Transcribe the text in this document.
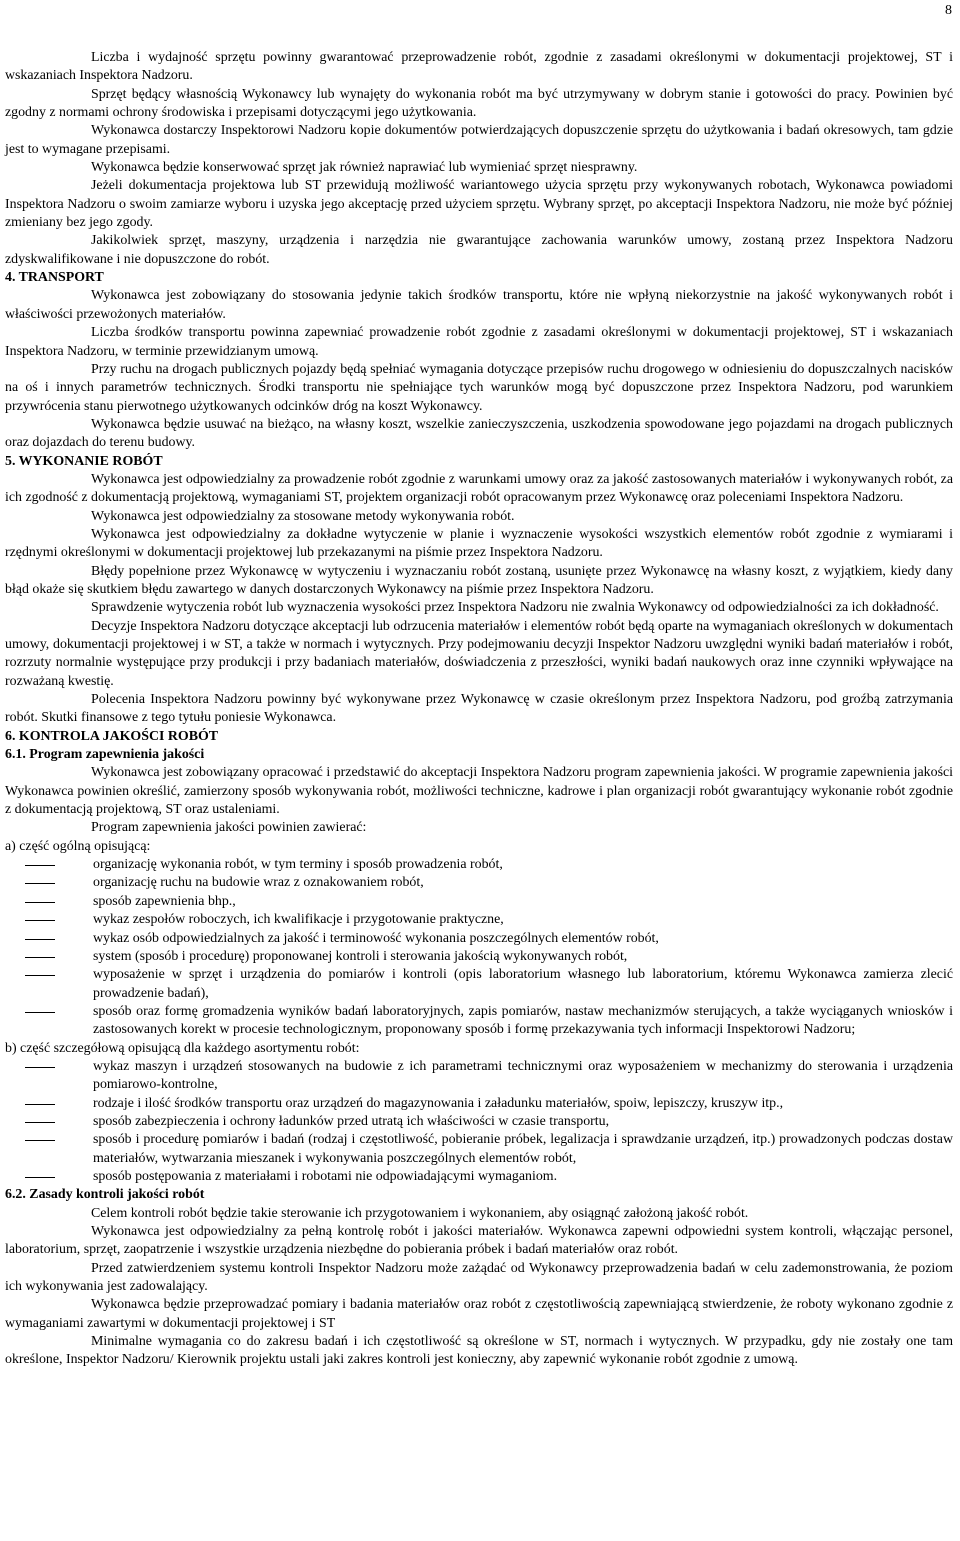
8

Liczba i wydajność sprzętu powinny gwarantować przeprowadzenie robót, zgodnie z zasadami określonymi w dokumentacji projektowej, ST i wskazaniach Inspektora Nadzoru.

Sprzęt będący własnością Wykonawcy lub wynajęty do wykonania robót ma być utrzymywany w dobrym stanie i gotowości do pracy. Powinien być zgodny z normami ochrony środowiska i przepisami dotyczącymi jego użytkowania.

Wykonawca dostarczy Inspektorowi Nadzoru kopie dokumentów potwierdzających dopuszczenie sprzętu do użytkowania i badań okresowych, tam gdzie jest to wymagane przepisami.

Wykonawca będzie konserwować sprzęt jak również naprawiać lub wymieniać sprzęt niesprawny.

Jeżeli dokumentacja projektowa lub ST przewidują możliwość wariantowego użycia sprzętu przy wykonywanych robotach, Wykonawca powiadomi Inspektora Nadzoru o swoim zamiarze wyboru i uzyska jego akceptację przed użyciem sprzętu. Wybrany sprzęt, po akceptacji Inspektora Nadzoru, nie może być później zmieniany bez jego zgody.

Jakikolwiek sprzęt, maszyny, urządzenia i narzędzia nie gwarantujące zachowania warunków umowy, zostaną przez Inspektora Nadzoru zdyskwalifikowane i nie dopuszczone do robót.

4. TRANSPORT

Wykonawca jest zobowiązany do stosowania jedynie takich środków transportu, które nie wpłyną niekorzystnie na jakość wykonywanych robót i właściwości przewożonych materiałów.

Liczba środków transportu powinna zapewniać prowadzenie robót zgodnie z zasadami określonymi w dokumentacji projektowej, ST i wskazaniach Inspektora Nadzoru, w terminie przewidzianym umową.

Przy ruchu na drogach publicznych pojazdy będą spełniać wymagania dotyczące przepisów ruchu drogowego w odniesieniu do dopuszczalnych nacisków na oś i innych parametrów technicznych. Środki transportu nie spełniające tych warunków mogą być dopuszczone przez Inspektora Nadzoru, pod warunkiem przywrócenia stanu pierwotnego użytkowanych odcinków dróg na koszt Wykonawcy.

Wykonawca będzie usuwać na bieżąco, na własny koszt, wszelkie zanieczyszczenia, uszkodzenia spowodowane jego pojazdami na drogach publicznych oraz dojazdach do terenu budowy.

5. WYKONANIE ROBÓT

Wykonawca jest odpowiedzialny za prowadzenie robót zgodnie z warunkami umowy oraz za jakość zastosowanych materiałów i wykonywanych robót, za ich zgodność z dokumentacją projektową, wymaganiami ST, projektem organizacji robót opracowanym przez Wykonawcę oraz poleceniami Inspektora Nadzoru.

Wykonawca jest odpowiedzialny za stosowane metody wykonywania robót.

Wykonawca jest odpowiedzialny za dokładne wytyczenie w planie i wyznaczenie wysokości wszystkich elementów robót zgodnie z wymiarami i rzędnymi określonymi w dokumentacji projektowej lub przekazanymi na piśmie przez Inspektora Nadzoru.

Błędy popełnione przez Wykonawcę w wytyczeniu i wyznaczaniu robót zostaną, usunięte przez Wykonawcę na własny koszt, z wyjątkiem, kiedy dany błąd okaże się skutkiem błędu zawartego w danych dostarczonych Wykonawcy na piśmie przez Inspektora Nadzoru.

Sprawdzenie wytyczenia robót lub wyznaczenia wysokości przez Inspektora Nadzoru nie zwalnia Wykonawcy od odpowiedzialności za ich dokładność.

Decyzje Inspektora Nadzoru dotyczące akceptacji lub odrzucenia materiałów i elementów robót będą oparte na wymaganiach określonych w dokumentach umowy, dokumentacji projektowej i w ST, a także w normach i wytycznych. Przy podejmowaniu decyzji Inspektor Nadzoru uwzględni wyniki badań materiałów i robót, rozrzuty normalnie występujące przy produkcji i przy badaniach materiałów, doświadczenia z przeszłości, wyniki badań naukowych oraz inne czynniki wpływające na rozważaną kwestię.

Polecenia Inspektora Nadzoru powinny być wykonywane przez Wykonawcę w czasie określonym przez Inspektora Nadzoru, pod groźbą zatrzymania robót. Skutki finansowe z tego tytułu poniesie Wykonawca.

6. KONTROLA JAKOŚCI ROBÓT

6.1. Program zapewnienia jakości

Wykonawca jest zobowiązany opracować i przedstawić do akceptacji Inspektora Nadzoru program zapewnienia jakości. W programie zapewnienia jakości Wykonawca powinien określić, zamierzony sposób wykonywania robót, możliwości techniczne, kadrowe i plan organizacji robót gwarantujący wykonanie robót zgodnie z dokumentacją projektową, ST oraz ustaleniami.

Program zapewnienia jakości powinien zawierać:

a) część ogólną opisującą:

organizację wykonania robót, w tym terminy i sposób prowadzenia robót,
organizację ruchu na budowie wraz z oznakowaniem robót,
sposób zapewnienia bhp.,
wykaz zespołów roboczych, ich kwalifikacje i przygotowanie praktyczne,
wykaz osób odpowiedzialnych za jakość i terminowość wykonania poszczególnych elementów robót,
system (sposób i procedurę) proponowanej kontroli i sterowania jakością wykonywanych robót,
wyposażenie w sprzęt i urządzenia do pomiarów i kontroli (opis laboratorium własnego lub laboratorium, któremu Wykonawca zamierza zlecić prowadzenie badań),
sposób oraz formę gromadzenia wyników badań laboratoryjnych, zapis pomiarów, nastaw mechanizmów sterujących, a także wyciąganych wniosków i zastosowanych korekt w procesie technologicznym, proponowany sposób i formę przekazywania tych informacji Inspektorowi Nadzoru;

b) część szczegółową opisującą dla każdego asortymentu robót:

wykaz maszyn i urządzeń stosowanych na budowie z ich parametrami technicznymi oraz wyposażeniem w mechanizmy do sterowania i urządzenia pomiarowo-kontrolne,
rodzaje i ilość środków transportu oraz urządzeń do magazynowania i załadunku materiałów, spoiw, lepiszczy, kruszyw itp.,
sposób zabezpieczenia i ochrony ładunków przed utratą ich właściwości w czasie transportu,
sposób i procedurę pomiarów i badań (rodzaj i częstotliwość, pobieranie próbek, legalizacja i sprawdzanie urządzeń, itp.) prowadzonych podczas dostaw materiałów, wytwarzania mieszanek i wykonywania poszczególnych elementów robót,
sposób postępowania z materiałami i robotami nie odpowiadającymi wymaganiom.

6.2. Zasady kontroli jakości robót

Celem kontroli robót będzie takie sterowanie ich przygotowaniem i wykonaniem, aby osiągnąć założoną jakość robót.

Wykonawca jest odpowiedzialny za pełną kontrolę robót i jakości materiałów. Wykonawca zapewni odpowiedni system kontroli, włączając personel, laboratorium, sprzęt, zaopatrzenie i wszystkie urządzenia niezbędne do pobierania próbek i badań materiałów oraz robót.

Przed zatwierdzeniem systemu kontroli Inspektor Nadzoru może zażądać od Wykonawcy przeprowadzenia badań w celu zademonstrowania, że poziom ich wykonywania jest zadowalający.

Wykonawca będzie przeprowadzać pomiary i badania materiałów oraz robót z częstotliwością zapewniającą stwierdzenie, że roboty wykonano zgodnie z wymaganiami zawartymi w dokumentacji projektowej i ST

Minimalne wymagania co do zakresu badań i ich częstotliwość są określone w ST, normach i wytycznych. W przypadku, gdy nie zostały one tam określone, Inspektor Nadzoru/ Kierownik projektu ustali jaki zakres kontroli jest konieczny, aby zapewnić wykonanie robót zgodnie z umową.
